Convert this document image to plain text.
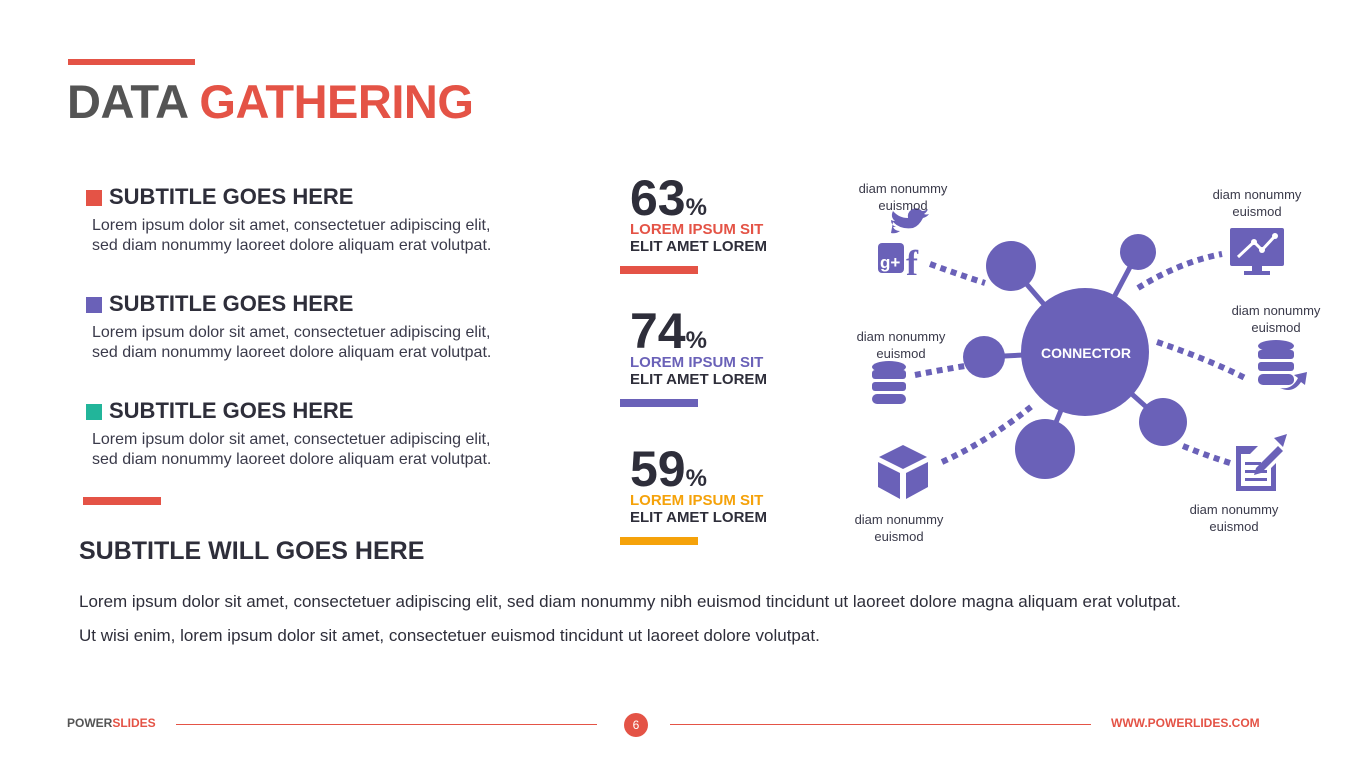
DATA GATHERING
SUBTITLE GOES HERE
Lorem ipsum dolor sit amet, consectetuer adipiscing elit,
sed diam nonummy laoreet dolore aliquam erat volutpat.
SUBTITLE GOES HERE
Lorem ipsum dolor sit amet, consectetuer adipiscing elit,
sed diam nonummy laoreet dolore aliquam erat volutpat.
SUBTITLE GOES HERE
Lorem ipsum dolor sit amet, consectetuer adipiscing elit,
sed diam nonummy laoreet dolore aliquam erat volutpat.
63%
LOREM IPSUM SIT
ELIT AMET LOREM
74%
LOREM IPSUM SIT
ELIT AMET LOREM
59%
LOREM IPSUM SIT
ELIT AMET LOREM
CONNECTOR
g+ f
diam nonummy
euismod
diam nonummy
euismod
diam nonummy
euismod
diam nonummy
euismod
diam nonummy
euismod
diam nonummy
euismod
SUBTITLE WILL GOES HERE
Lorem ipsum dolor sit amet, consectetuer adipiscing elit, sed diam nonummy nibh euismod tincidunt ut laoreet dolore magna aliquam erat volutpat.
Ut wisi enim, lorem ipsum dolor sit amet, consectetuer euismod tincidunt ut laoreet dolore volutpat.
POWERSLIDES	6	WWW.POWERLIDES.COM
